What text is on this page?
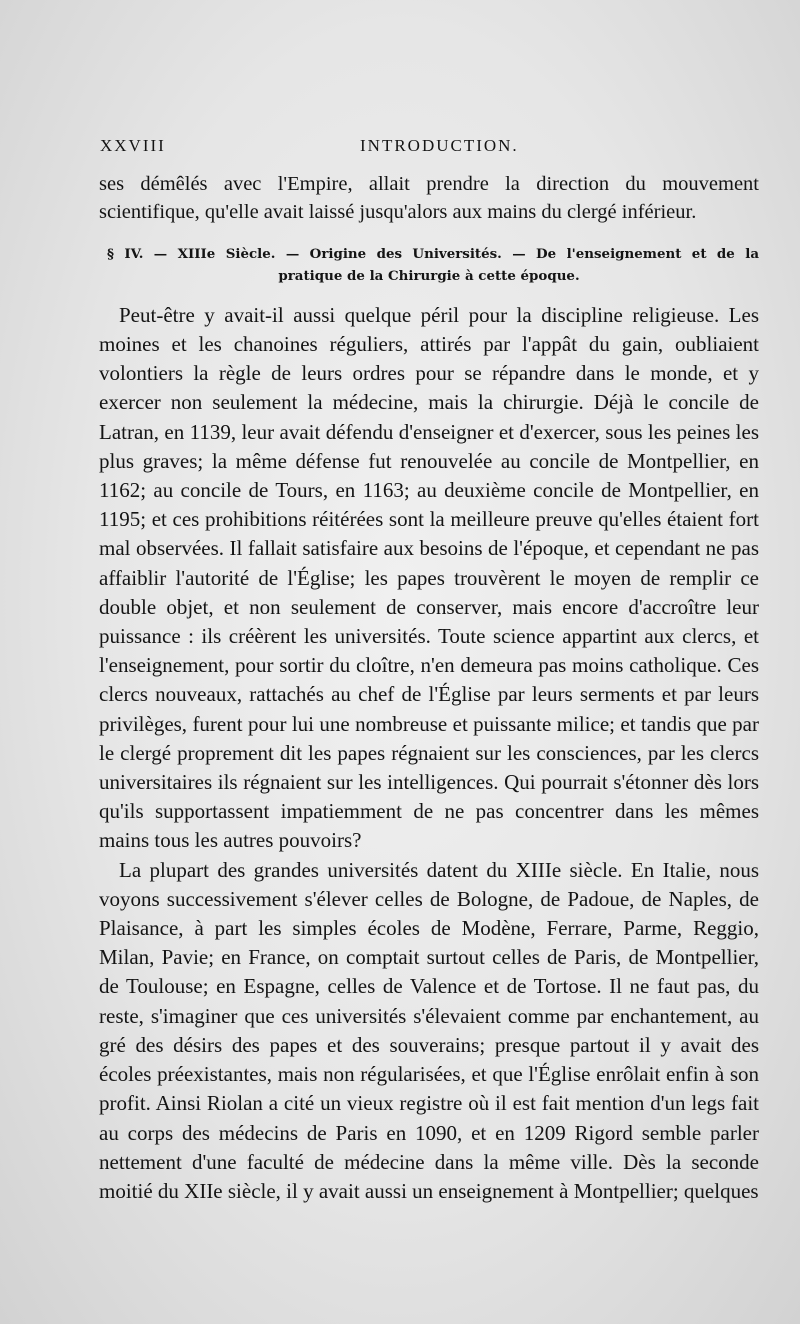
XXVIII	INTRODUCTION.

ses démêlés avec l'Empire, allait prendre la direction du mouvement scientifique, qu'elle avait laissé jusqu'alors aux mains du clergé inférieur.

§ IV. — XIIIe Siècle. — Origine des Universités. — De l'enseignement et de la
pratique de la Chirurgie à cette époque.

Peut-être y avait-il aussi quelque péril pour la discipline religieuse. Les moines et les chanoines réguliers, attirés par l'appât du gain, oubliaient volontiers la règle de leurs ordres pour se répandre dans le monde, et y exercer non seulement la médecine, mais la chirurgie. Déjà le concile de Latran, en 1139, leur avait défendu d'enseigner et d'exercer, sous les peines les plus graves; la même défense fut renouvelée au concile de Montpellier, en 1162; au concile de Tours, en 1163; au deuxième concile de Montpellier, en 1195; et ces prohibitions réitérées sont la meilleure preuve qu'elles étaient fort mal observées. Il fallait satisfaire aux besoins de l'époque, et cependant ne pas affaiblir l'autorité de l'Église; les papes trouvèrent le moyen de remplir ce double objet, et non seulement de conserver, mais encore d'accroître leur puissance : ils créèrent les universités. Toute science appartint aux clercs, et l'enseignement, pour sortir du cloître, n'en demeura pas moins catholique. Ces clercs nouveaux, rattachés au chef de l'Église par leurs serments et par leurs privilèges, furent pour lui une nombreuse et puissante milice; et tandis que par le clergé proprement dit les papes régnaient sur les consciences, par les clercs universitaires ils régnaient sur les intelligences. Qui pourrait s'étonner dès lors qu'ils supportassent impatiemment de ne pas concentrer dans les mêmes mains tous les autres pouvoirs?

La plupart des grandes universités datent du XIIIe siècle. En Italie, nous voyons successivement s'élever celles de Bologne, de Padoue, de Naples, de Plaisance, à part les simples écoles de Modène, Ferrare, Parme, Reggio, Milan, Pavie; en France, on comptait surtout celles de Paris, de Montpellier, de Toulouse; en Espagne, celles de Valence et de Tortose. Il ne faut pas, du reste, s'imaginer que ces universités s'élevaient comme par enchantement, au gré des désirs des papes et des souverains; presque partout il y avait des écoles préexistantes, mais non régularisées, et que l'Église enrôlait enfin à son profit. Ainsi Riolan a cité un vieux registre où il est fait mention d'un legs fait au corps des médecins de Paris en 1090, et en 1209 Rigord semble parler nettement d'une faculté de médecine dans la même ville. Dès la seconde moitié du XIIe siècle, il y avait aussi un enseignement à Montpellier; quelques
